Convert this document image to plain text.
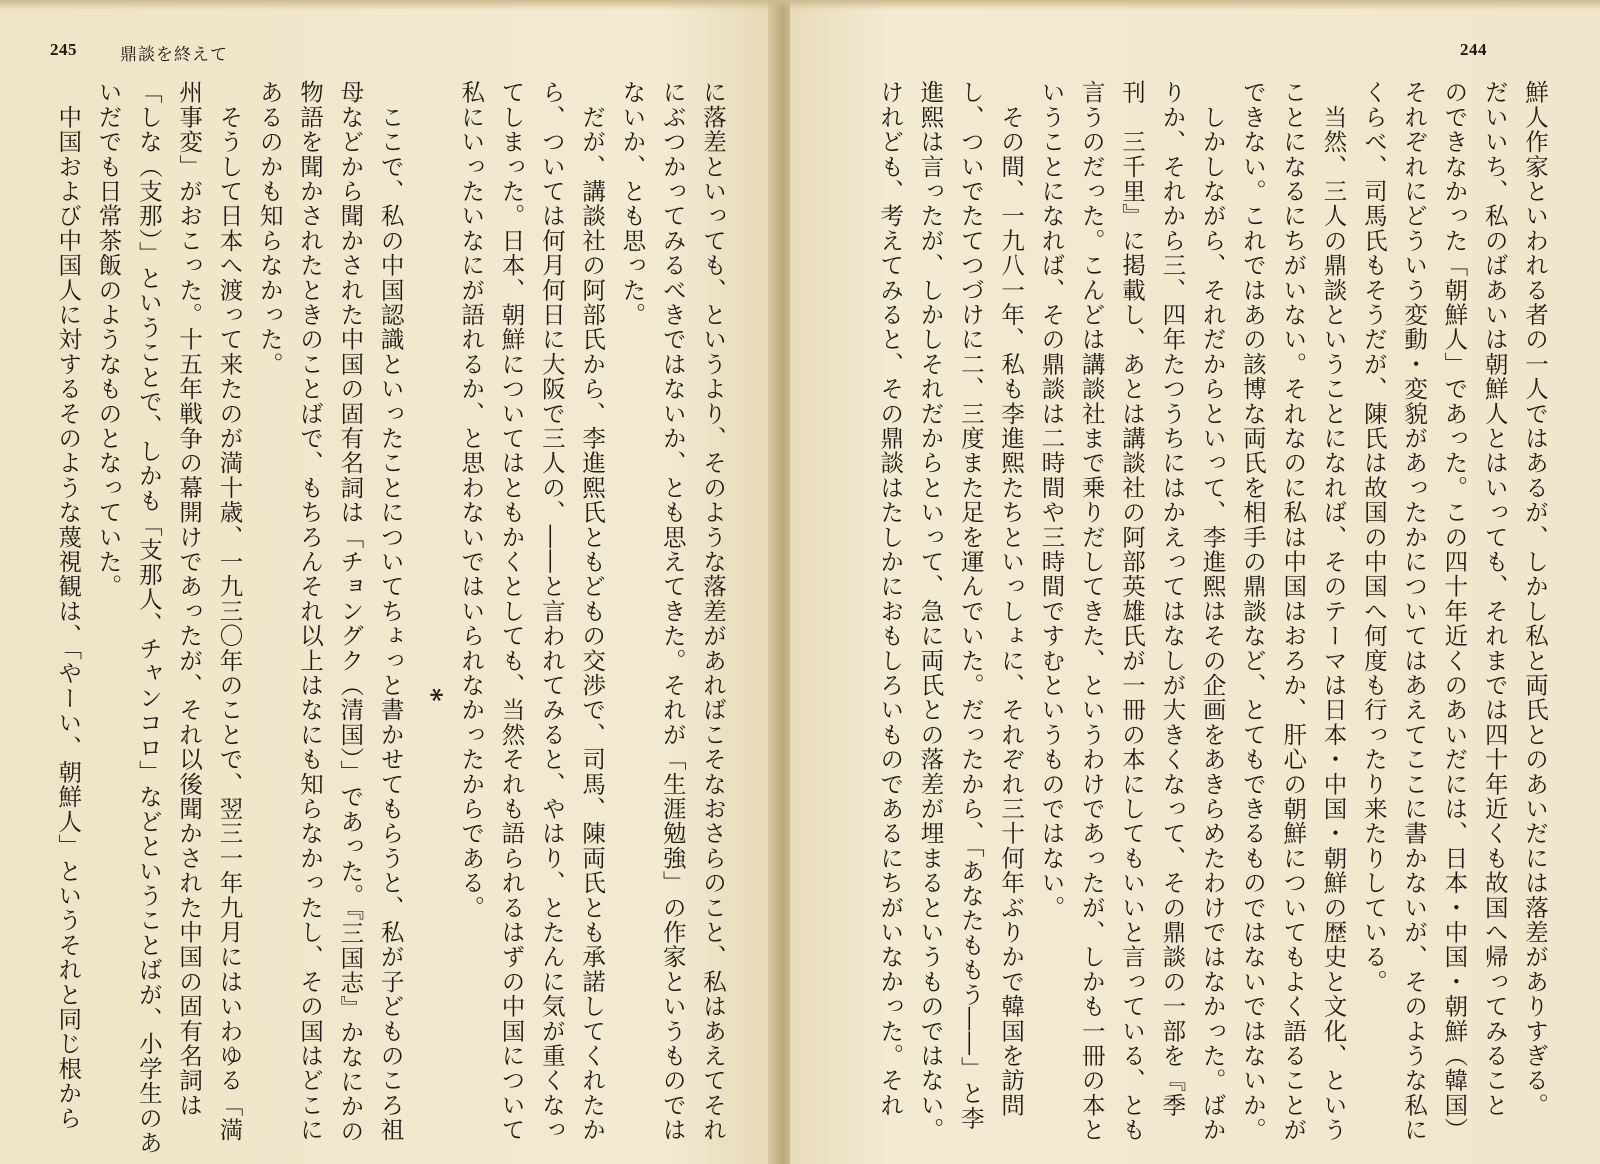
245	鼎談を終えて
に落差といっても、というより、そのような落差があればこそなおさらのこと、私はあえてそれ
にぶつかってみるべきではないか、とも思えてきた。それが「生涯勉強」の作家というものでは
ないか、とも思った。
　だが、講談社の阿部氏から、李進熙氏ともどもの交渉で、司馬、陳両氏とも承諾してくれたか
ら、ついては何月何日に大阪で三人の、――と言われてみると、やはり、とたんに気が重くなっ
てしまった。日本、朝鮮についてはともかくとしても、当然それも語られるはずの中国について
私にいったいなにが語れるか、と思わないではいられなかったからである。
*
　ここで、私の中国認識といったことについてちょっと書かせてもらうと、私が子どものころ祖
母などから聞かされた中国の固有名詞は「チョングク（清国）」であった。『三国志』かなにかの
物語を聞かされたときのことばで、もちろんそれ以上はなにも知らなかったし、その国はどこに
あるのかも知らなかった。
　そうして日本へ渡って来たのが満十歳、一九三〇年のことで、翌三一年九月にはいわゆる「満
州事変」がおこった。十五年戦争の幕開けであったが、それ以後聞かされた中国の固有名詞は
「しな（支那）」ということで、しかも「支那人、チャンコロ」などということばが、小学生のあ
いだでも日常茶飯のようなものとなっていた。
　中国および中国人に対するそのような蔑視観は、「やーい、朝鮮人」というそれと同じ根から
244
鮮人作家といわれる者の一人ではあるが、しかし私と両氏とのあいだには落差がありすぎる。
だいいち、私のばあいは朝鮮人とはいっても、それまでは四十年近くも故国へ帰ってみること
のできなかった「朝鮮人」であった。この四十年近くのあいだには、日本・中国・朝鮮（韓国）
それぞれにどういう変動・変貌があったかについてはあえてここに書かないが、そのような私に
くらべ、司馬氏もそうだが、陳氏は故国の中国へ何度も行ったり来たりしている。
　当然、三人の鼎談ということになれば、そのテーマは日本・中国・朝鮮の歴史と文化、という
ことになるにちがいない。それなのに私は中国はおろか、肝心の朝鮮についてもよく語ることが
できない。これではあの該博な両氏を相手の鼎談など、とてもできるものではないではないか。
　しかしながら、それだからといって、李進熙はその企画をあきらめたわけではなかった。ばか
りか、それから三、四年たつうちにはかえってはなしが大きくなって、その鼎談の一部を『季
刊　三千里』に掲載し、あとは講談社の阿部英雄氏が一冊の本にしてもいいと言っている、とも
言うのだった。こんどは講談社まで乗りだしてきた、というわけであったが、しかも一冊の本と
いうことになれば、その鼎談は二時間や三時間ですむというものではない。
　その間、一九八一年、私も李進熙たちといっしょに、それぞれ三十何年ぶりかで韓国を訪問
し、ついでたてつづけに二、三度また足を運んでいた。だったから、「あなたももう――」と李
進熙は言ったが、しかしそれだからといって、急に両氏との落差が埋まるというものではない。
けれども、考えてみると、その鼎談はたしかにおもしろいものであるにちがいなかった。それ
